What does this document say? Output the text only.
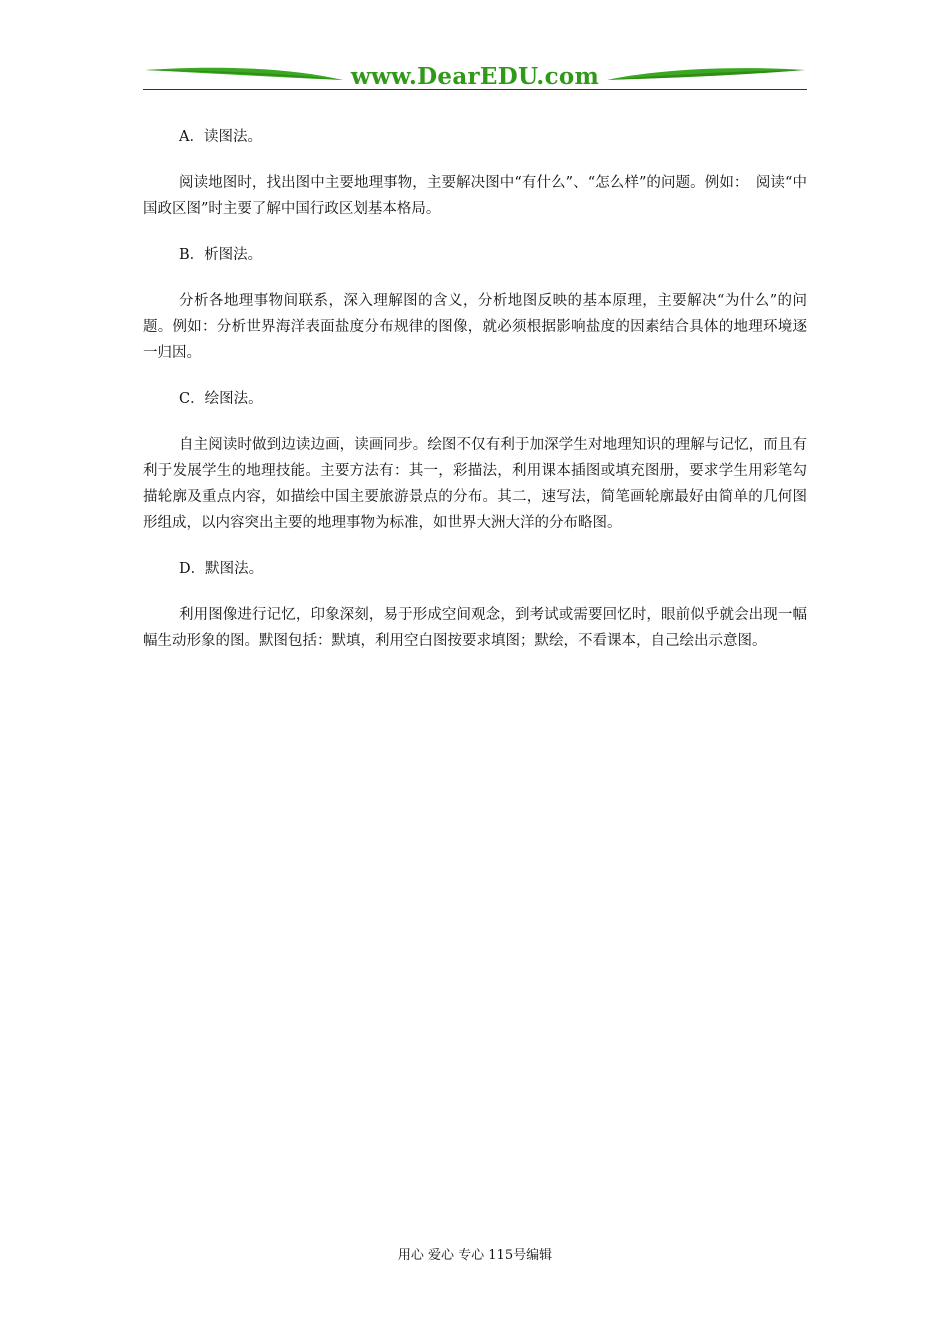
www.DearEDU.com
A．读图法。

阅读地图时，找出图中主要地理事物，主要解决图中“有什么”、“怎么样”的问题。例如：　阅读“中国政区图”时主要了解中国行政区划基本格局。

B．析图法。

分析各地理事物间联系，深入理解图的含义，分析地图反映的基本原理，主要解决“为什么”的问题。例如：分析世界海洋表面盐度分布规律的图像，就必须根据影响盐度的因素结合具体的地理环境逐一归因。

C．绘图法。

自主阅读时做到边读边画，读画同步。绘图不仅有利于加深学生对地理知识的理解与记忆，而且有利于发展学生的地理技能。主要方法有：其一，彩描法，利用课本插图或填充图册，要求学生用彩笔勾描轮廓及重点内容，如描绘中国主要旅游景点的分布。其二，速写法，简笔画轮廓最好由简单的几何图形组成，以内容突出主要的地理事物为标准，如世界大洲大洋的分布略图。

D．默图法。

利用图像进行记忆，印象深刻，易于形成空间观念，到考试或需要回忆时，眼前似乎就会出现一幅幅生动形象的图。默图包括：默填，利用空白图按要求填图；默绘，不看课本，自己绘出示意图。

用心 爱心 专心 115号编辑
